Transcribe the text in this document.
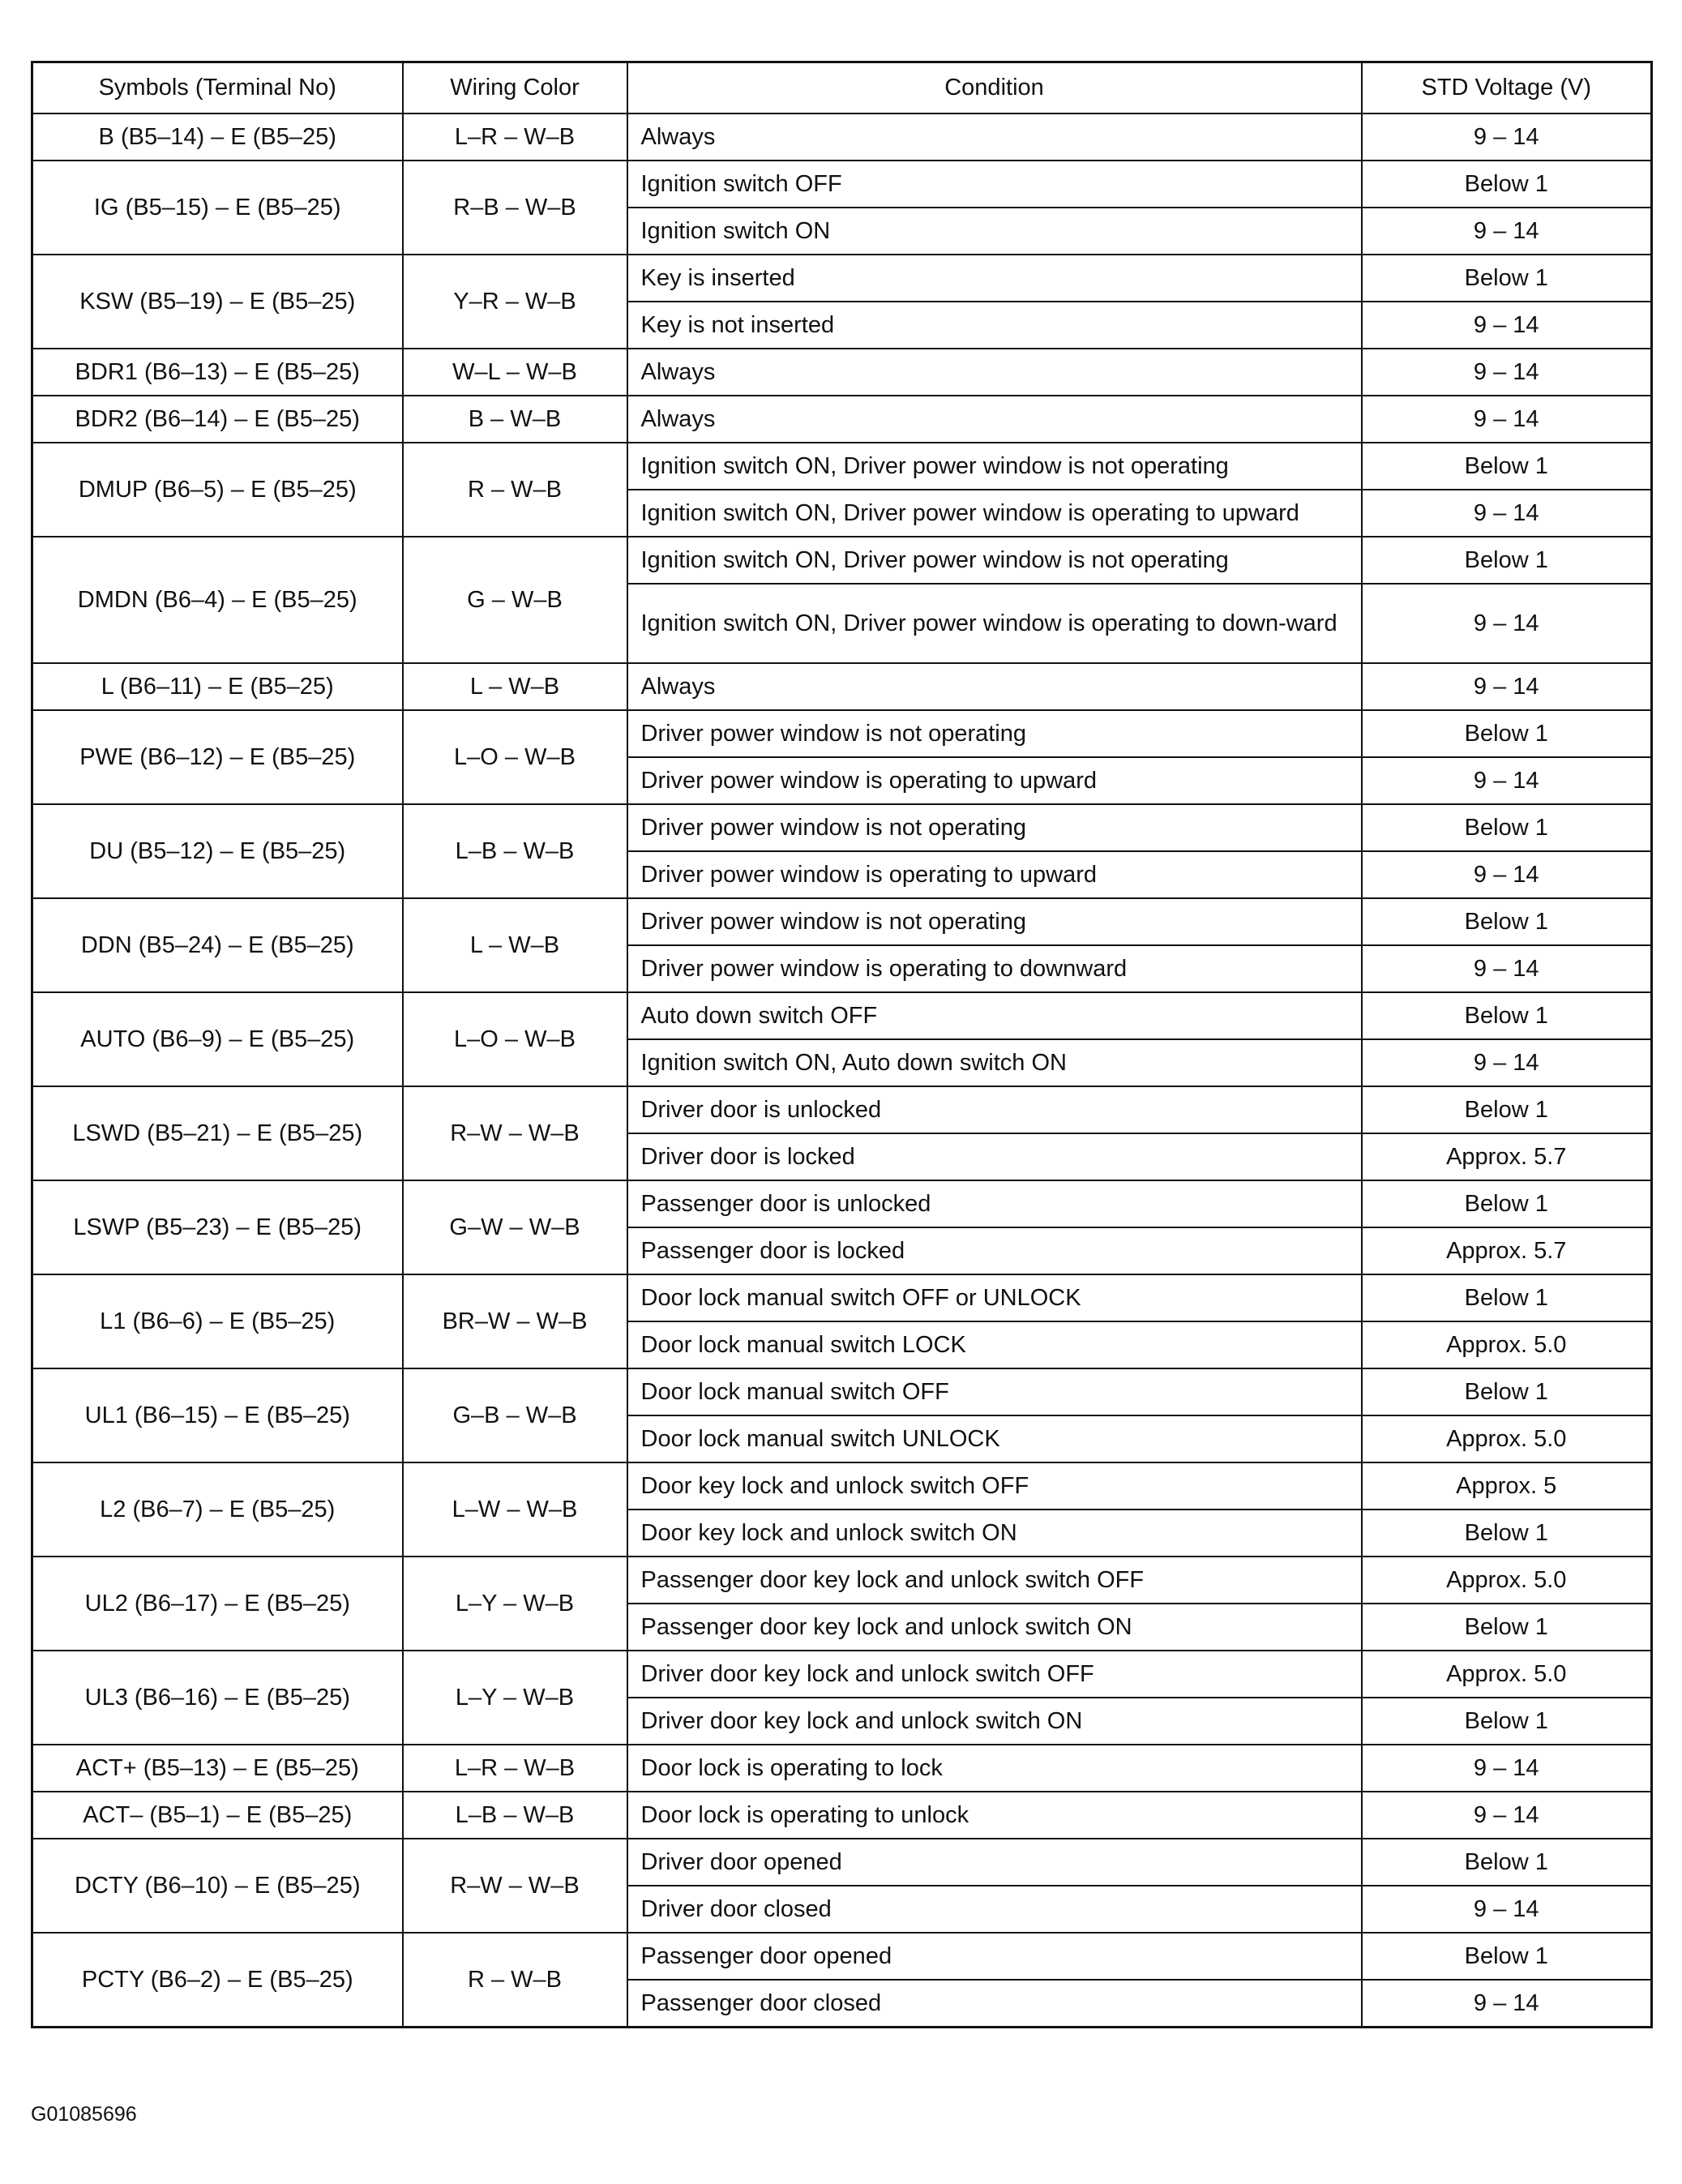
Symbols (Terminal No)	Wiring Color	Condition	STD Voltage (V)
B (B5–14) – E (B5–25)	L–R – W–B	Always	9 – 14
IG (B5–15) – E (B5–25)	R–B – W–B	Ignition switch OFF	Below 1
		Ignition switch ON	9 – 14
KSW (B5–19) – E (B5–25)	Y–R – W–B	Key is inserted	Below 1
		Key is not inserted	9 – 14
BDR1 (B6–13) – E (B5–25)	W–L – W–B	Always	9 – 14
BDR2 (B6–14) – E (B5–25)	B – W–B	Always	9 – 14
DMUP (B6–5) – E (B5–25)	R – W–B	Ignition switch ON, Driver power window is not operating	Below 1
		Ignition switch ON, Driver power window is operating to upward	9 – 14
DMDN (B6–4) – E (B5–25)	G – W–B	Ignition switch ON, Driver power window is not operating	Below 1
		Ignition switch ON, Driver power window is operating to down-ward	9 – 14
L (B6–11) – E (B5–25)	L – W–B	Always	9 – 14
PWE (B6–12) – E (B5–25)	L–O – W–B	Driver power window is not operating	Below 1
		Driver power window is operating to upward	9 – 14
DU (B5–12) – E (B5–25)	L–B – W–B	Driver power window is not operating	Below 1
		Driver power window is operating to upward	9 – 14
DDN (B5–24) – E (B5–25)	L – W–B	Driver power window is not operating	Below 1
		Driver power window is operating to downward	9 – 14
AUTO (B6–9) – E (B5–25)	L–O – W–B	Auto down switch OFF	Below 1
		Ignition switch ON, Auto down switch ON	9 – 14
LSWD (B5–21) – E (B5–25)	R–W – W–B	Driver door is unlocked	Below 1
		Driver door is locked	Approx. 5.7
LSWP (B5–23) – E (B5–25)	G–W – W–B	Passenger door is unlocked	Below 1
		Passenger door is locked	Approx. 5.7
L1 (B6–6) – E (B5–25)	BR–W – W–B	Door lock manual switch OFF or UNLOCK	Below 1
		Door lock manual switch LOCK	Approx. 5.0
UL1 (B6–15) – E (B5–25)	G–B – W–B	Door lock manual switch OFF	Below 1
		Door lock manual switch UNLOCK	Approx. 5.0
L2 (B6–7) – E (B5–25)	L–W – W–B	Door key lock and unlock switch OFF	Approx. 5
		Door key lock and unlock switch ON	Below 1
UL2 (B6–17) – E (B5–25)	L–Y – W–B	Passenger door key lock and unlock switch OFF	Approx. 5.0
		Passenger door key lock and unlock switch ON	Below 1
UL3 (B6–16) – E (B5–25)	L–Y – W–B	Driver door key lock and unlock switch OFF	Approx. 5.0
		Driver door key lock and unlock switch ON	Below 1
ACT+ (B5–13) – E (B5–25)	L–R – W–B	Door lock is operating to lock	9 – 14
ACT– (B5–1) – E (B5–25)	L–B – W–B	Door lock is operating to unlock	9 – 14
DCTY (B6–10) – E (B5–25)	R–W – W–B	Driver door opened	Below 1
		Driver door closed	9 – 14
PCTY (B6–2) – E (B5–25)	R – W–B	Passenger door opened	Below 1
		Passenger door closed	9 – 14
G01085696
